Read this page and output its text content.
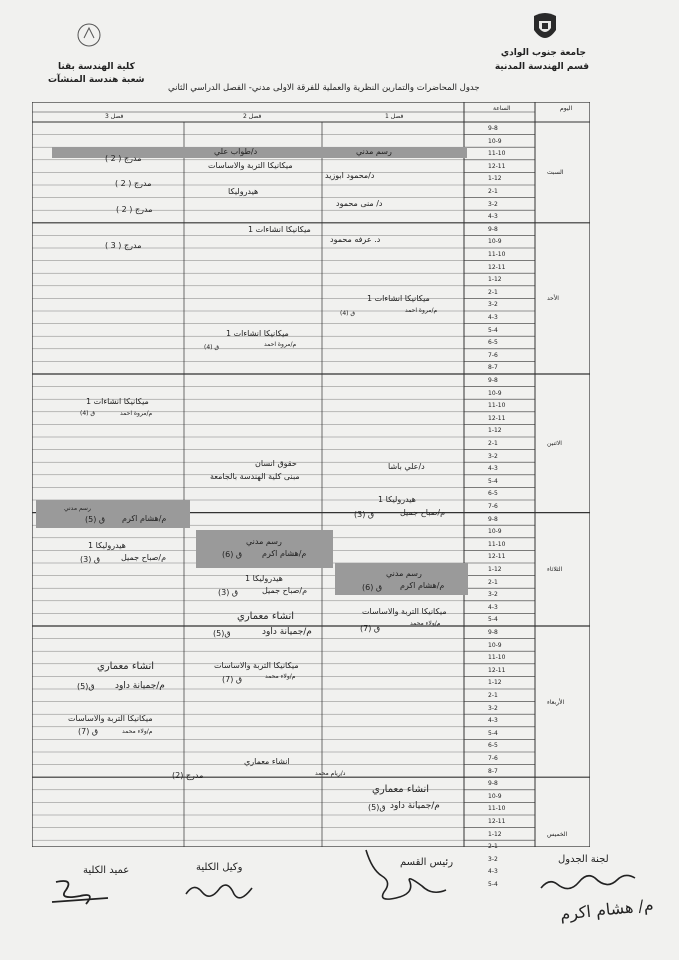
جامعة جنوب الوادي
قسم الهندسة المدنية
كلية الهندسة بقنا
شعبة هندسة المنشآت
جدول المحاضرات والتمارين النظرية والعملية للفرقة الاولى مدني- الفصل الدراسي الثاني
السبت
9-8
10-9
11-10
12-11
1-12
2-1
3-2
4-3
الأحد
9-8
10-9
11-10
12-11
1-12
2-1
3-2
4-3
5-4
6-5
7-6
8-7
الاثنين
9-8
10-9
11-10
12-11
1-12
2-1
3-2
4-3
5-4
6-5
7-6
الثلاثاء
9-8
10-9
11-10
12-11
1-12
2-1
3-2
4-3
5-4
الأربعاء
9-8
10-9
11-10
12-11
1-12
2-1
3-2
4-3
5-4
6-5
7-6
8-7
الخميس
9-8
10-9
11-10
12-11
1-12
2-1
3-2
4-3
5-4
اليوم
الساعة
فصل 1
فصل 2
فصل 3
رسم مدني
د/طواب علي
مدرج ( 2 )
ميكانيكا التربة والاساسات
د/محمود ابوزيد
مدرج ( 2 )
هيدروليكا
د/ منى محمود
مدرج ( 2 )
ميكانيكا انشاءات 1
د. عرفه محمود
مدرج ( 3 )
ميكانيكا انشاءات 1
م/مروة احمد
ق (4)
ميكانيكا انشاءات 1
م/مروة احمد
ق (4)
ميكانيكا انشاءات 1
م/مروة احمد
ق (4)
حقوق انسان	د/علي باشا
مبنى كلية الهندسة بالجامعة
هيدروليكا 1
م/صباح جميل
ق (3)
رسم مدني
م/هشام اكرم
ق (5)
هيدروليكا 1
م/صباح جميل
ق (3)
رسم مدني
م/هشام اكرم
ق (6)
هيدروليكا 1
م/صباح جميل
ق (3)
رسم مدني
م/هشام اكرم
ق (6)
ميكانيكا التربة والاساسات
م/ولاء محمد
ق (7)
انشاء معماري
م/جميانة داود
ق(5)
ميكانيكا التربة والاساسات
م/ولاء محمد
ق (7)
انشاء معماري
م/جميانة داود
ق(5)
ميكانيكا التربة والاساسات
م/ولاء محمد
ق (7)
انشاء معماري
د/ريام محمد
مدرج (2)
انشاء معماري
م/جميانة داود
ق(5)
لجنة الجدول
رئيس القسم
وكيل الكلية
عميد الكلية
م/ هشام اكرم
